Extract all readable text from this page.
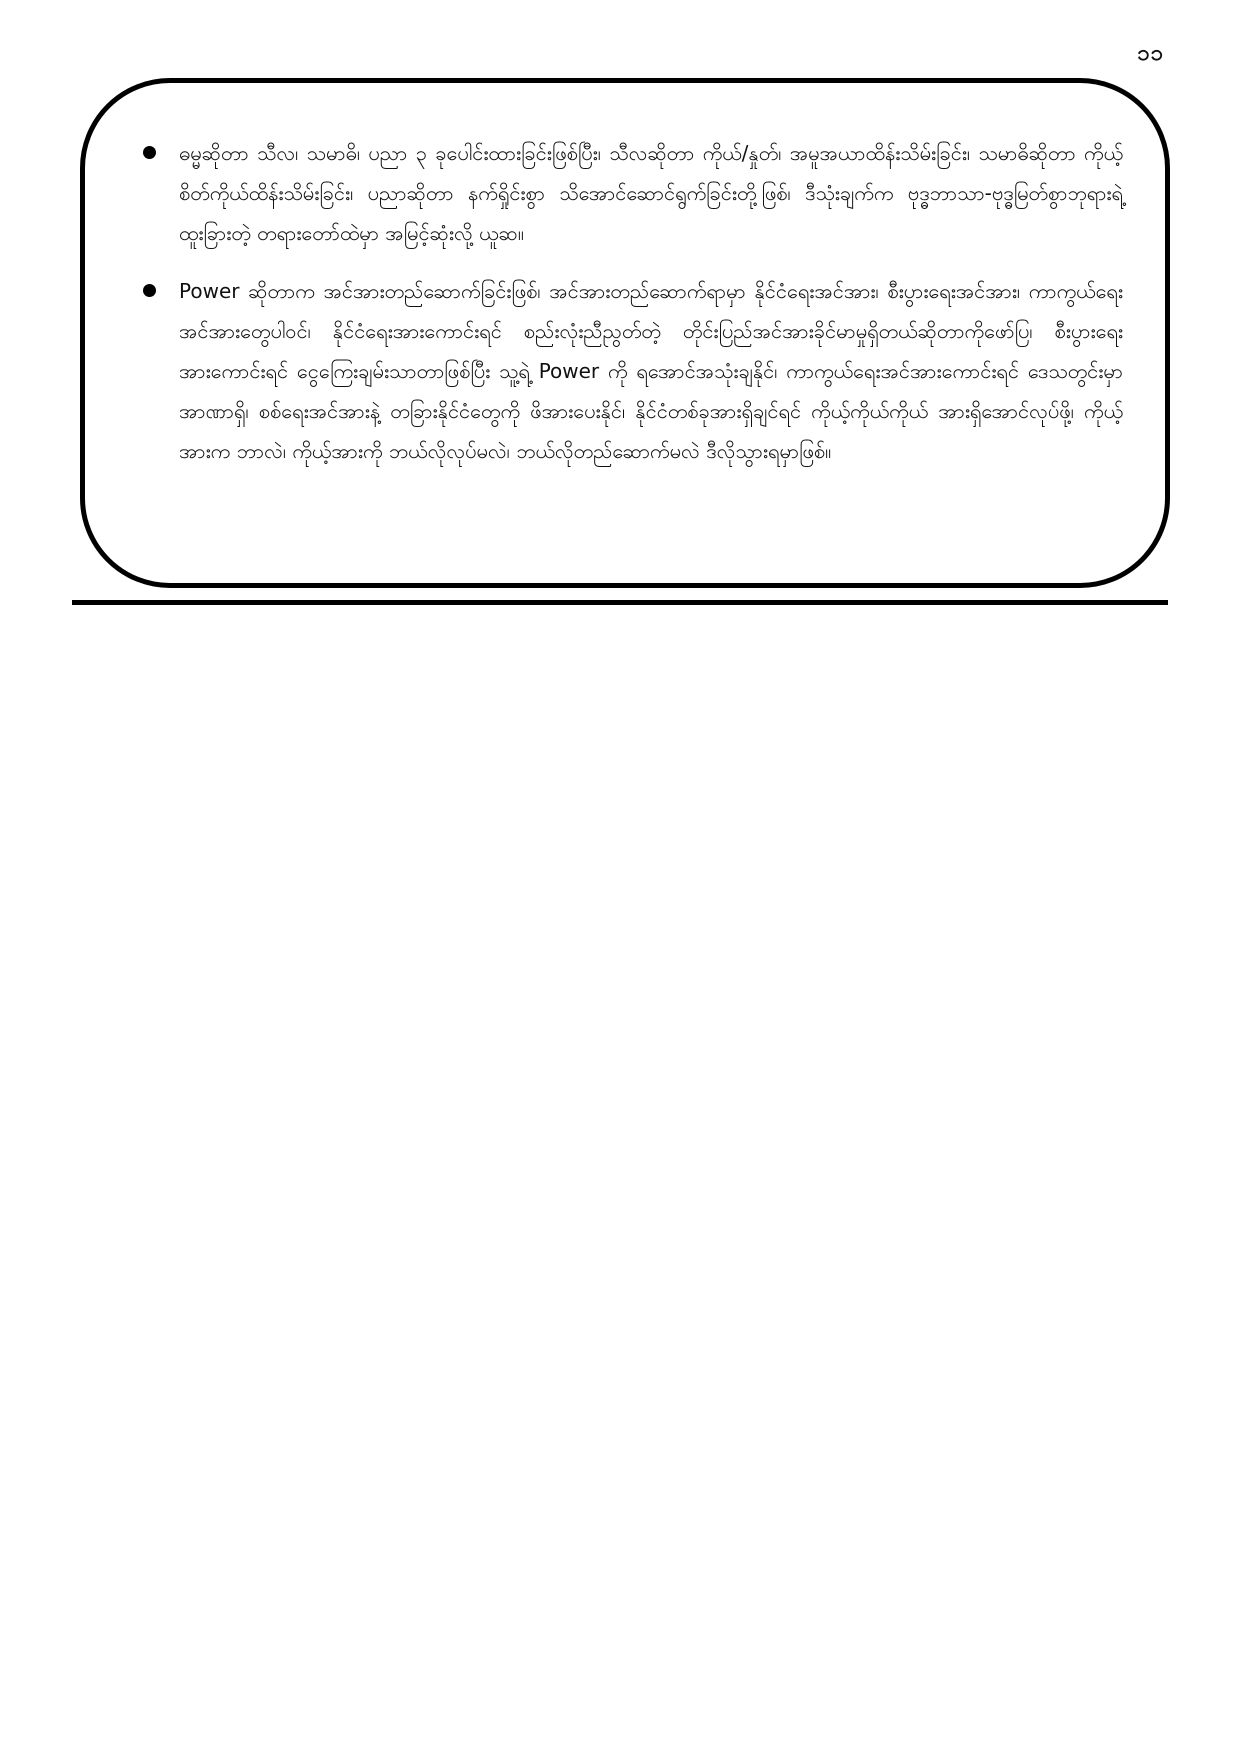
၁၁
ဓမ္မဆိုတာ သီလ၊ သမာဓိ၊ ပညာ ၃ ခုပေါင်းထားခြင်းဖြစ်ပြီး၊ သီလဆိုတာ ကိုယ်/နှုတ်၊ အမူအယာထိန်းသိမ်းခြင်း၊ သမာဓိဆိုတာ ကိုယ့်စိတ်ကိုယ်ထိန်းသိမ်းခြင်း၊ ပညာဆိုတာ နက်ရှိုင်းစွာ သိအောင်ဆောင်ရွက်ခြင်းတို့ဖြစ်၊ ဒီသုံးချက်က ဗုဒ္ဓဘာသာ-ဗုဒ္ဓမြတ်စွာဘုရားရဲ့ ထူးခြားတဲ့ တရားတော်ထဲမှာ အမြင့်ဆုံးလို့ ယူဆ။
Power ဆိုတာက အင်အားတည်ဆောက်ခြင်းဖြစ်၊ အင်အားတည်ဆောက်ရာမှာ နိုင်ငံရေးအင်အား၊ စီးပွားရေးအင်အား၊ ကာကွယ်ရေးအင်အားတွေပါဝင်၊ နိုင်ငံရေးအားကောင်းရင် စည်းလုံးညီညွတ်တဲ့ တိုင်းပြည်အင်အားခိုင်မာမှုရှိတယ်ဆိုတာကိုဖော်ပြ၊ စီးပွားရေးအားကောင်းရင် ငွေကြေးချမ်းသာတာဖြစ်ပြီး သူ့ရဲ့ Power ကို ရအောင်အသုံးချနိုင်၊ ကာကွယ်ရေးအင်အားကောင်းရင် ဒေသတွင်းမှာ အာဏာရှိ၊ စစ်ရေးအင်အားနဲ့ တခြားနိုင်ငံတွေကို ဖိအားပေးနိုင်၊ နိုင်ငံတစ်ခုအားရှိချင်ရင် ကိုယ့်ကိုယ်ကိုယ် အားရှိအောင်လုပ်ဖို့၊ ကိုယ့်အားက ဘာလဲ၊ ကိုယ့်အားကို ဘယ်လိုလုပ်မလဲ၊ ဘယ်လိုတည်ဆောက်မလဲ ဒီလိုသွားရမှာဖြစ်။
